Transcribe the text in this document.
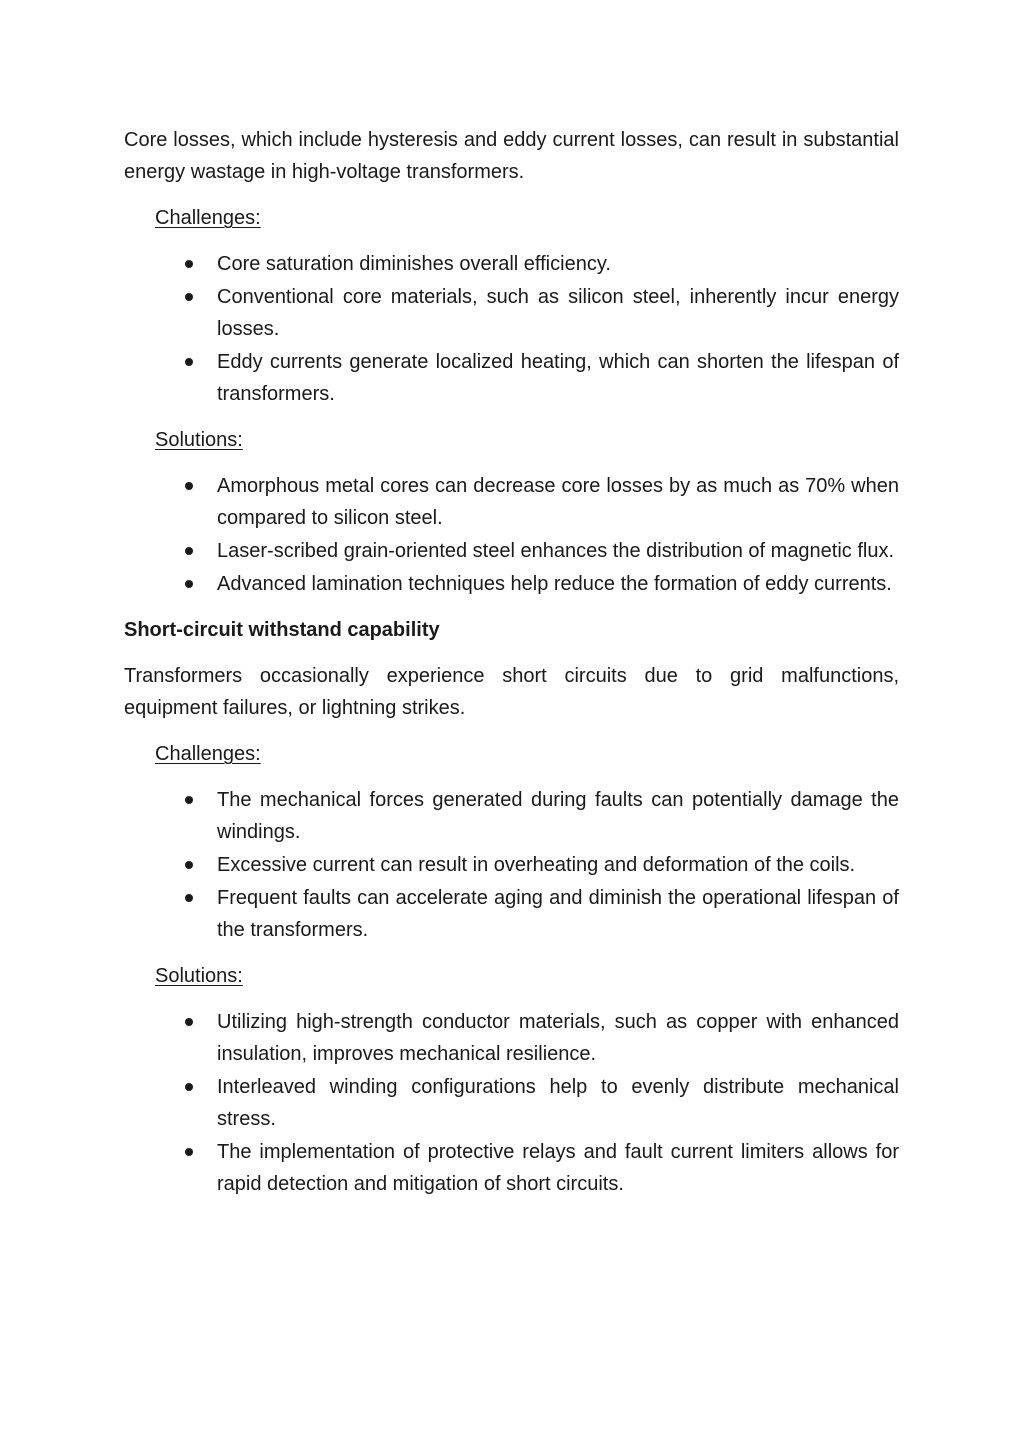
Core losses, which include hysteresis and eddy current losses, can result in substantial energy wastage in high-voltage transformers.

Challenges:

Core saturation diminishes overall efficiency.
Conventional core materials, such as silicon steel, inherently incur energy losses.
Eddy currents generate localized heating, which can shorten the lifespan of transformers.

Solutions:

Amorphous metal cores can decrease core losses by as much as 70% when compared to silicon steel.
Laser-scribed grain-oriented steel enhances the distribution of magnetic flux.
Advanced lamination techniques help reduce the formation of eddy currents.

Short-circuit withstand capability

Transformers occasionally experience short circuits due to grid malfunctions, equipment failures, or lightning strikes.

Challenges:

The mechanical forces generated during faults can potentially damage the windings.
Excessive current can result in overheating and deformation of the coils.
Frequent faults can accelerate aging and diminish the operational lifespan of the transformers.

Solutions:

Utilizing high-strength conductor materials, such as copper with enhanced insulation, improves mechanical resilience.
Interleaved winding configurations help to evenly distribute mechanical stress.
The implementation of protective relays and fault current limiters allows for rapid detection and mitigation of short circuits.
